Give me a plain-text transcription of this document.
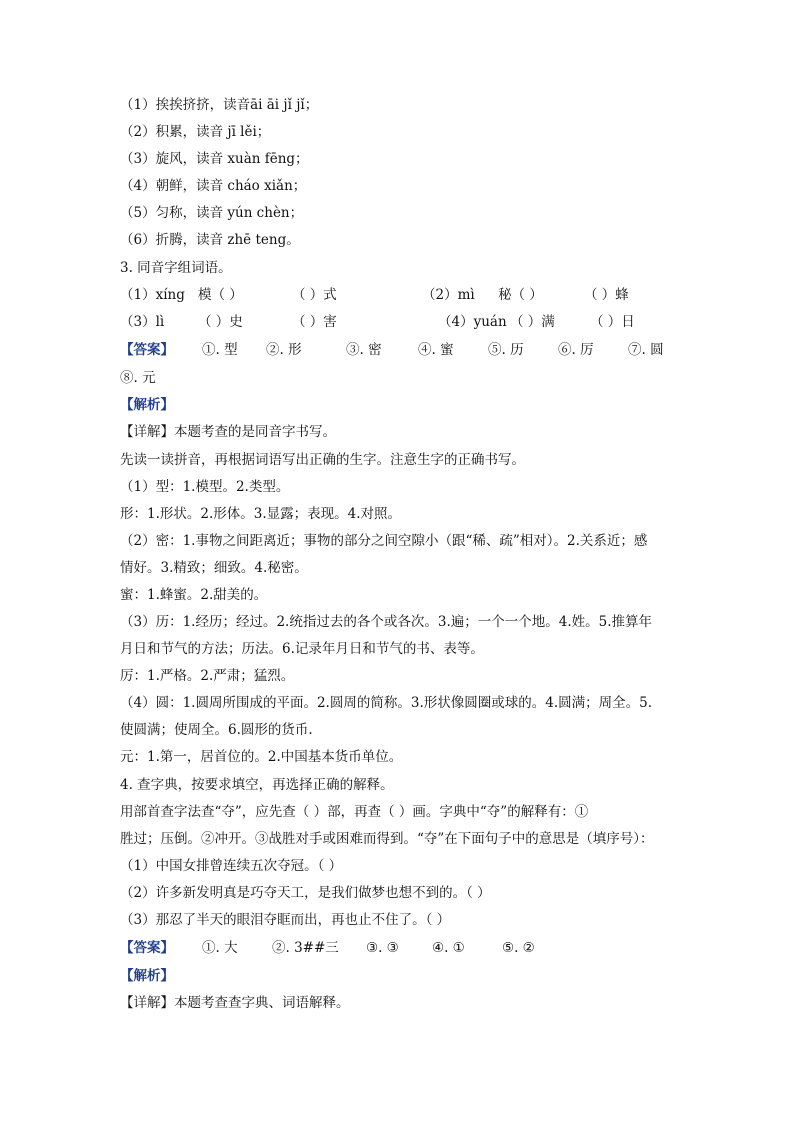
（1）挨挨挤挤，读音āi āi jǐ jǐ；
（2）积累，读音 jī lěi；
（3）旋风，读音 xuàn fēng；
（4）朝鲜，读音 cháo xiǎn；
（5）匀称，读音 yún chèn；
（6）折腾，读音 zhē teng。
3. 同音字组词语。
（1）xíng 模（ ）	（ ）式	（2）mì 秘（ ）	（ ）蜂
（3）lì	（ ）史	（ ）害	（4）yuán （ ）满	（ ）日
【答案】 ①. 型 ②. 形	③. 密	④. 蜜	⑤. 历	⑥. 厉	⑦. 圆
⑧. 元
【解析】
【详解】本题考查的是同音字书写。
先读一读拼音，再根据词语写出正确的生字。注意生字的正确书写。
（1）型：1.模型。2.类型。
形：1.形状。2.形体。3.显露；表现。4.对照。
（2）密：1.事物之间距离近；事物的部分之间空隙小（跟“稀、疏”相对）。2.关系近；感
情好。3.精致；细致。4.秘密。
蜜：1.蜂蜜。2.甜美的。
（3）历：1.经历；经过。2.统指过去的各个或各次。3.遍；一个一个地。4.姓。5.推算年
月日和节气的方法；历法。6.记录年月日和节气的书、表等。
厉：1.严格。2.严肃；猛烈。
（4）圆：1.圆周所围成的平面。2.圆周的简称。3.形状像圆圈或球的。4.圆满；周全。5.
使圆满；使周全。6.圆形的货币.
元：1.第一，居首位的。2.中国基本货币单位。
4. 查字典，按要求填空，再选择正确的解释。
用部首查字法查“夺”，应先查（ ）部，再查（ ）画。字典中“夺”的解释有：①
胜过；压倒。②冲开。③战胜对手或困难而得到。“夺”在下面句子中的意思是（填序号）：
（1）中国女排曾连续五次夺冠。（ ）
（2）许多新发明真是巧夺天工，是我们做梦也想不到的。（ ）
（3）那忍了半天的眼泪夺眶而出，再也止不住了。（ ）
【答案】 ①. 大	②. 3##三 ③. ③ ④. ①	⑤. ②
【解析】
【详解】本题考查查字典、词语解释。
